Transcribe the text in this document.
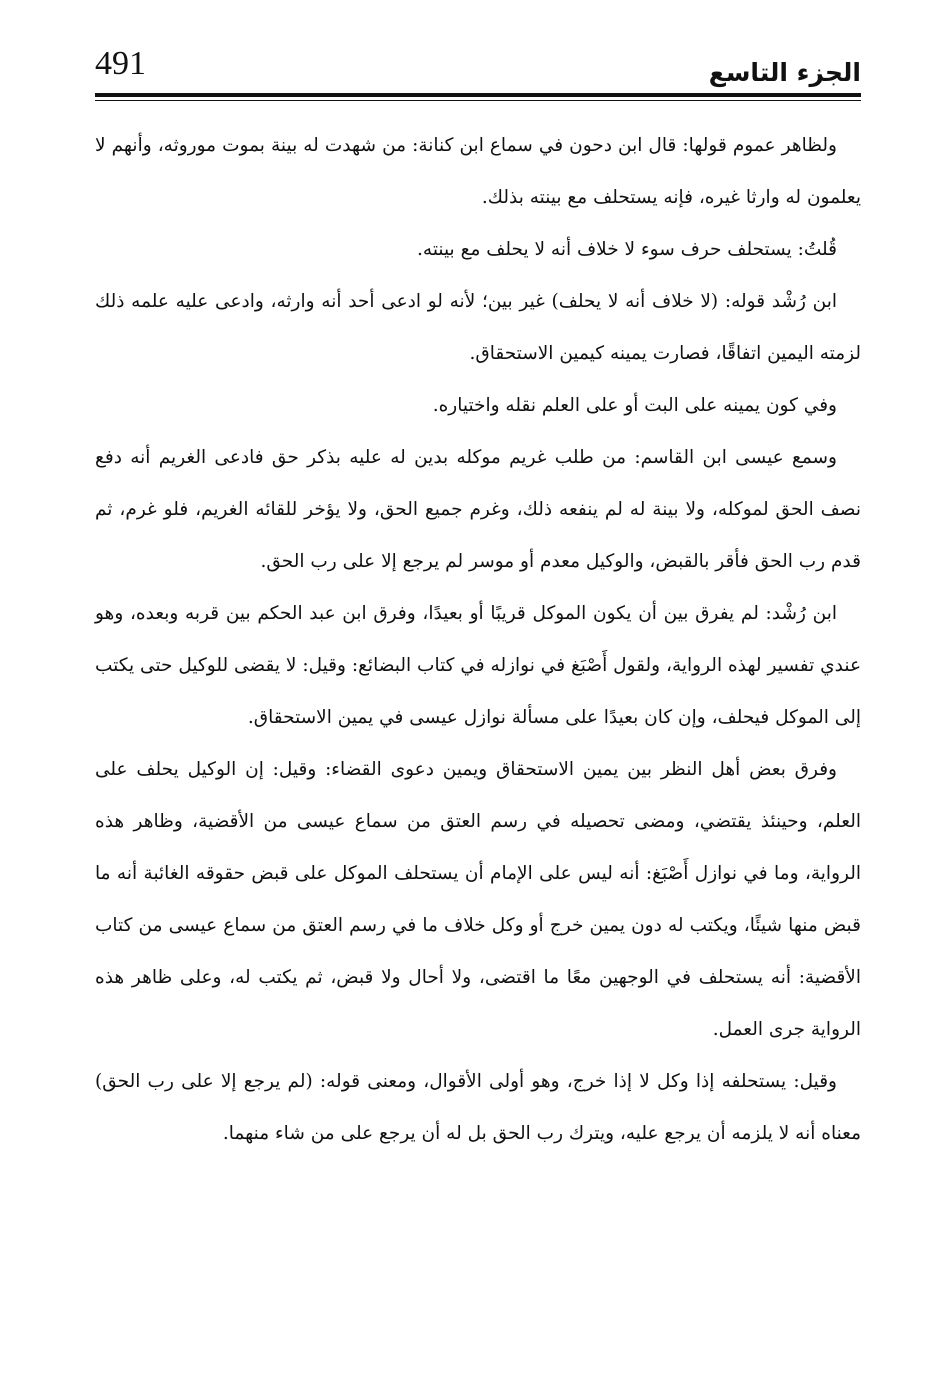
491	الجزء التاسع

ولظاهر عموم قولها: قال ابن دحون في سماع ابن كنانة: من شهدت له بينة بموت موروثه، وأنهم لا يعلمون له وارثا غيره، فإنه يستحلف مع بينته بذلك.

قُلتُ: يستحلف حرف سوء لا خلاف أنه لا يحلف مع بينته.

ابن رُشْد قوله: (لا خلاف أنه لا يحلف) غير بين؛ لأنه لو ادعى أحد أنه وارثه، وادعى عليه علمه ذلك لزمته اليمين اتفاقًا، فصارت يمينه كيمين الاستحقاق.

وفي كون يمينه على البت أو على العلم نقله واختياره.

وسمع عيسى ابن القاسم: من طلب غريم موكله بدين له عليه بذكر حق فادعى الغريم أنه دفع نصف الحق لموكله، ولا بينة له لم ينفعه ذلك، وغرم جميع الحق، ولا يؤخر للقائه الغريم، فلو غرم، ثم قدم رب الحق فأقر بالقبض، والوكيل معدم أو موسر لم يرجع إلا على رب الحق.

ابن رُشْد: لم يفرق بين أن يكون الموكل قريبًا أو بعيدًا، وفرق ابن عبد الحكم بين قربه وبعده، وهو عندي تفسير لهذه الرواية، ولقول أَصْبَغ في نوازله في كتاب البضائع: وقيل: لا يقضى للوكيل حتى يكتب إلى الموكل فيحلف، وإن كان بعيدًا على مسألة نوازل عيسى في يمين الاستحقاق.

وفرق بعض أهل النظر بين يمين الاستحقاق ويمين دعوى القضاء: وقيل: إن الوكيل يحلف على العلم، وحينئذ يقتضي، ومضى تحصيله في رسم العتق من سماع عيسى من الأقضية، وظاهر هذه الرواية، وما في نوازل أَصْبَغ: أنه ليس على الإمام أن يستحلف الموكل على قبض حقوقه الغائبة أنه ما قبض منها شيئًا، ويكتب له دون يمين خرج أو وكل خلاف ما في رسم العتق من سماع عيسى من كتاب الأقضية: أنه يستحلف في الوجهين معًا ما اقتضى، ولا أحال ولا قبض، ثم يكتب له، وعلى ظاهر هذه الرواية جرى العمل.

وقيل: يستحلفه إذا وكل لا إذا خرج، وهو أولى الأقوال، ومعنى قوله: (لم يرجع إلا على رب الحق) معناه أنه لا يلزمه أن يرجع عليه، ويترك رب الحق بل له أن يرجع على من شاء منهما.
